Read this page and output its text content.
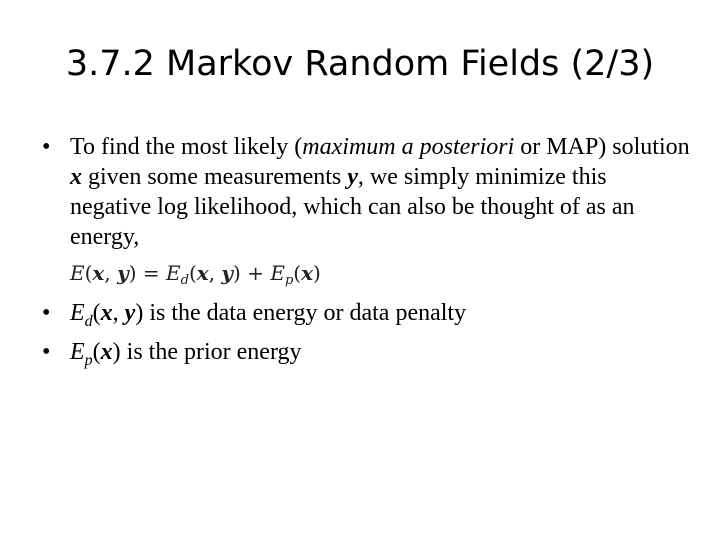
3.7.2 Markov Random Fields (2/3)
• To find the most likely (maximum a posteriori or MAP) solution x given some measurements y, we simply minimize this negative log likelihood, which can also be thought of as an energy,
E(x, $y) = E_d(x$, $y) + E_p(x)$
• $E_d(x$, y) is the data energy or data penalty
• $E_p(x)$ is the prior energy
